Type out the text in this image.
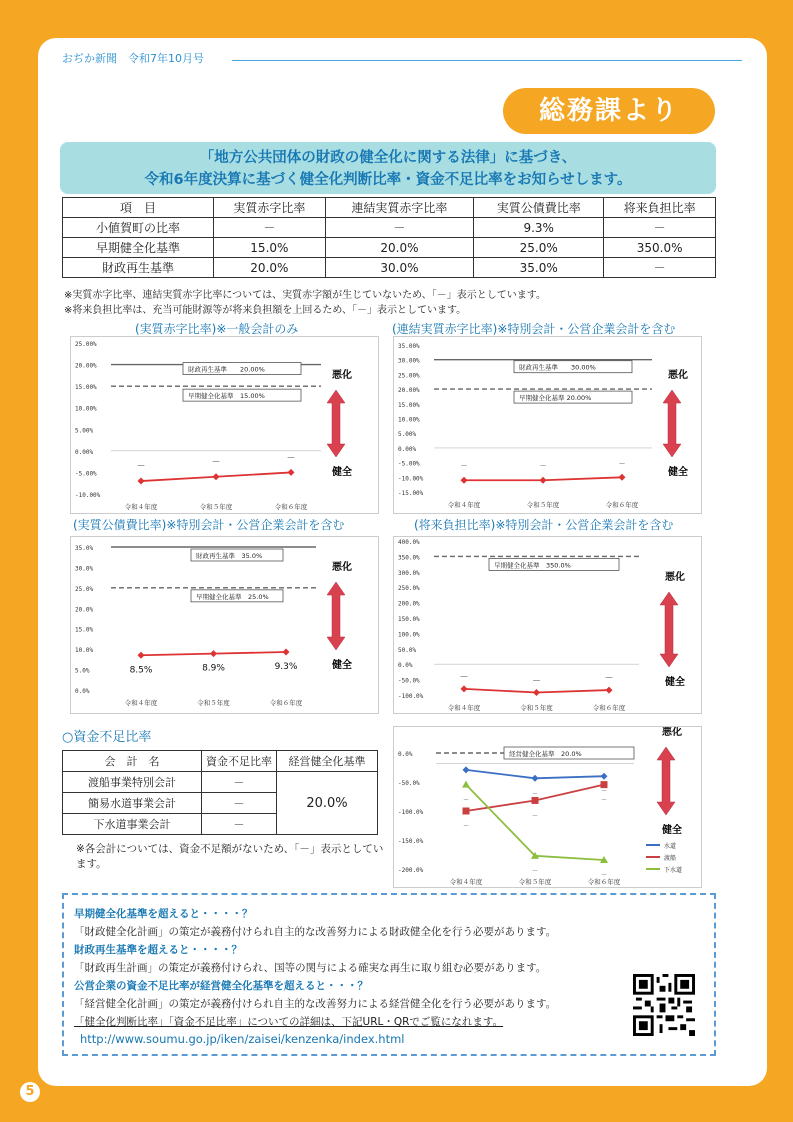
おぢか新聞　令和7年10月号
総務課より
「地方公共団体の財政の健全化に関する法律」に基づき、
令和6年度決算に基づく健全化判断比率・資金不足比率をお知らせします。
項　目	実質赤字比率	連結実質赤字比率	実質公債費比率	将来負担比率
小値賀町の比率	－	－	9.3%	－
早期健全化基準	15.0%	20.0%	25.0%	350.0%
財政再生基準	20.0%	30.0%	35.0%	－
※実質赤字比率、連結実質赤字比率については、実質赤字額が生じていないため、「－」表示としています。
※将来負担比率は、充当可能財源等が将来負担額を上回るため、「－」表示としています。
(実質赤字比率)※一般会計のみ	(連結実質赤字比率)※特別会計・公営企業会計を含む
(実質公債費比率)※特別会計・公営企業会計を含む	(将来負担比率)※特別会計・公営企業会計を含む
25.00%
20.00%
15.00%
10.00%
5.00%
0.00%
-5.00%
-10.00%
令和４年度	令和５年度	令和６年度
財政再生基準　　20.00%
早期健全化基準　15.00%
－	－	－
悪化
健全
35.00%
30.00%
25.00%
20.00%
15.00%
10.00%
5.00%
0.00%
-5.00%
-10.00%
-15.00%
令和４年度	令和５年度	令和６年度
財政再生基準　　30.00%
早期健全化基準 20.00%
－	－	－
悪化
健全
35.0%
30.0%
25.0%
20.0%
15.0%
10.0%
5.0%
0.0%
令和４年度	令和５年度	令和６年度
財政再生基準　35.0%
早期健全化基準　25.0%
8.5%	8.9%	9.3%
悪化
健全
400.0%
350.0%
300.0%
250.0%
200.0%
150.0%
100.0%
50.0%
0.0%
-50.0%
-100.0%
令和４年度	令和５年度	令和６年度
早期健全化基準　350.0%
－	－	－
悪化
健全
0.0%
-50.0%
-100.0%
-150.0%
-200.0%
令和４年度	令和５年度	令和６年度
経営健全化基準　20.0%
－	－
－
－
－
－
－
－
悪化
健全
水道
渡船
下水道
○資金不足比率
会　計　名	資金不足比率	経営健全化基準
渡船事業特別会計	－	20.0%
簡易水道事業会計	－	
下水道事業会計	－	
※各会計については、資金不足額がないため、「－」表示としています。
早期健全化基準を超えると・・・・？
「財政健全化計画」の策定が義務付けられ自主的な改善努力による財政健全化を行う必要があります。
財政再生基準を超えると・・・・？
「財政再生計画」の策定が義務付けられ、国等の関与による確実な再生に取り組む必要があります。
公営企業の資金不足比率が経営健全化基準を超えると・・・？
「経営健全化計画」の策定が義務付けられ自主的な改善努力による経営健全化を行う必要があります。
「健全化判断比率」「資金不足比率」についての詳細は、下記URL・QRでご覧になれます。
http://www.soumu.go.jp/iken/zaisei/kenzenka/index.html
5
